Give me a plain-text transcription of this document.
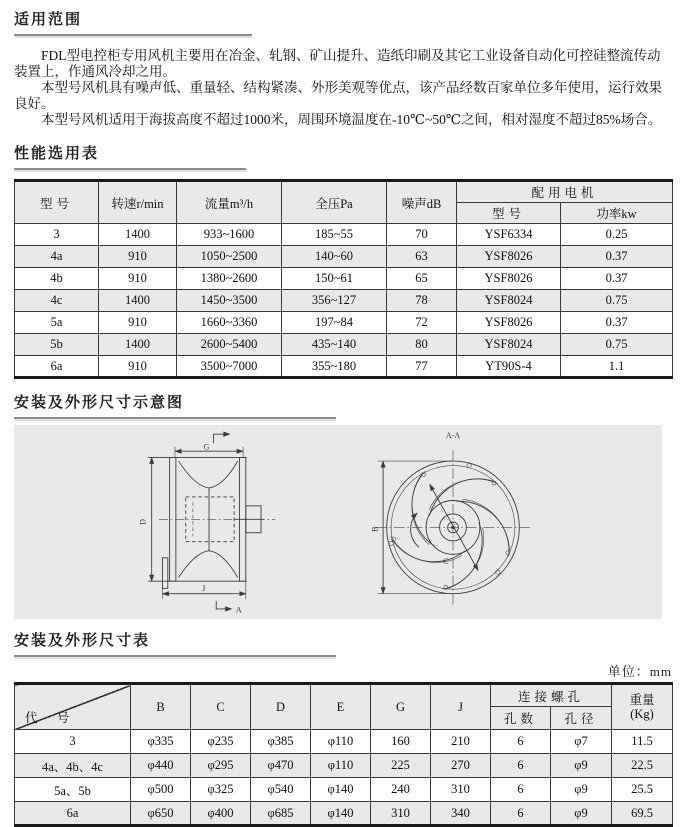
适用范围

FDL型电控柜专用风机主要用在冶金、轧钢、矿山提升、造纸印刷及其它工业设备自动化可控硅整流传动装置上，作通风冷却之用。

本型号风机具有噪声低、重量轻、结构紧凑、外形美观等优点，该产品经数百家单位多年使用，运行效果良好。

本型号风机适用于海拔高度不超过1000米，周围环境温度在-10℃~50℃之间，相对湿度不超过85%场合。

性能选用表
型号	转速r/min	流量m³/h	全压Pa	噪声dB	配用电机	
					型号	功率kw
3	1400	933~1600	185~55	70	YSF6334	0.25
4a	910	1050~2500	140~60	63	YSF8026	0.37
4b	910	1380~2600	150~61	65	YSF8026	0.37
4c	1400	1450~3500	356~127	78	YSF8024	0.75
5a	910	1660~3360	197~84	72	YSF8026	0.37
5b	1400	2600~5400	435~140	80	YSF8024	0.75
6a	910	3500~7000	355~180	77	YT90S-4	1.1
安装及外形尺寸示意图
G
D
J
A
A-A
B
C
安装及外形尺寸表
单位：mm
代 号	B	C	D	E	G	J	连接螺孔		重量
(Kg)

							孔数	孔径	
3	φ335	φ235	φ385	φ110	160	210	6	φ7	11.5
4a、4b、4c	φ440	φ295	φ470	φ110	225	270	6	φ9	22.5
5a、5b	φ500	φ325	φ540	φ140	240	310	6	φ9	25.5
6a	φ650	φ400	φ685	φ140	310	340	6	φ9	69.5
